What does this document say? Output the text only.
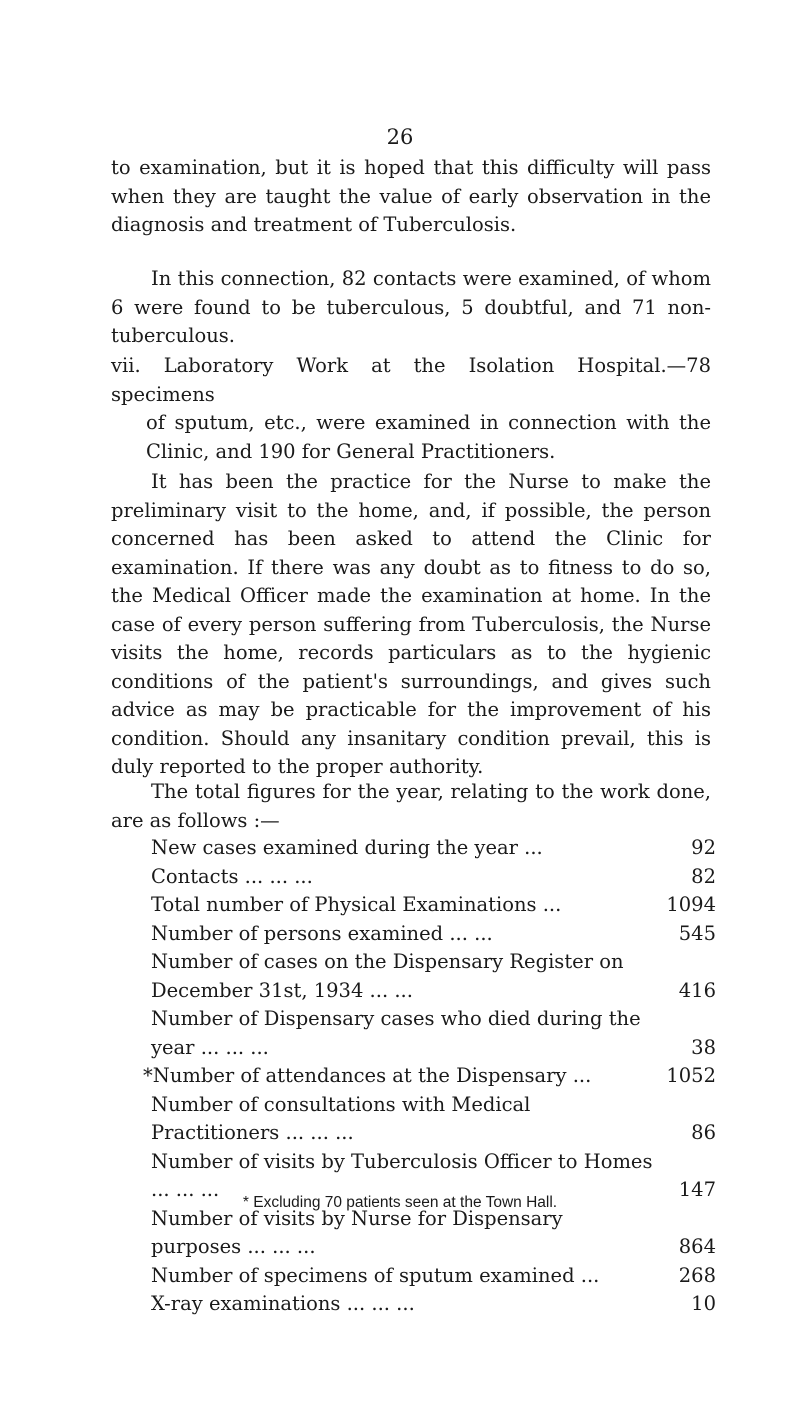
26

to examination, but it is hoped that this difficulty will pass when they are taught the value of early observation in the diagnosis and treatment of Tuberculosis.

In this connection, 82 contacts were examined, of whom 6 were found to be tuberculous, 5 doubtful, and 71 non-tuberculous.

vii. Laboratory Work at the Isolation Hospital.—78 specimens
of sputum, etc., were examined in connection with the Clinic, and 190 for General Practitioners.

It has been the practice for the Nurse to make the preliminary visit to the home, and, if possible, the person concerned has been asked to attend the Clinic for examination. If there was any doubt as to fitness to do so, the Medical Officer made the examination at home. In the case of every person suffering from Tuberculosis, the Nurse visits the home, records particulars as to the hygienic conditions of the patient's surroundings, and gives such advice as may be practicable for the improvement of his condition. Should any insanitary condition prevail, this is duly reported to the proper authority.

The total figures for the year, relating to the work done, are as follows :—

New cases examined during the year ...	92
Contacts ... ... ...	82
Total number of Physical Examinations ...	1094
Number of persons examined ... ...	545
Number of cases on the Dispensary Register on December 31st, 1934 ... ...	416
Number of Dispensary cases who died during the year ... ... ...	38
*Number of attendances at the Dispensary ...	1052
Number of consultations with Medical Practitioners ... ... ...	86
Number of visits by Tuberculosis Officer to Homes ... ... ...	147
Number of visits by Nurse for Dispensary purposes ... ... ...	864
Number of specimens of sputum examined ...	268
X-ray examinations ... ... ...	10
* Excluding 70 patients seen at the Town Hall.
